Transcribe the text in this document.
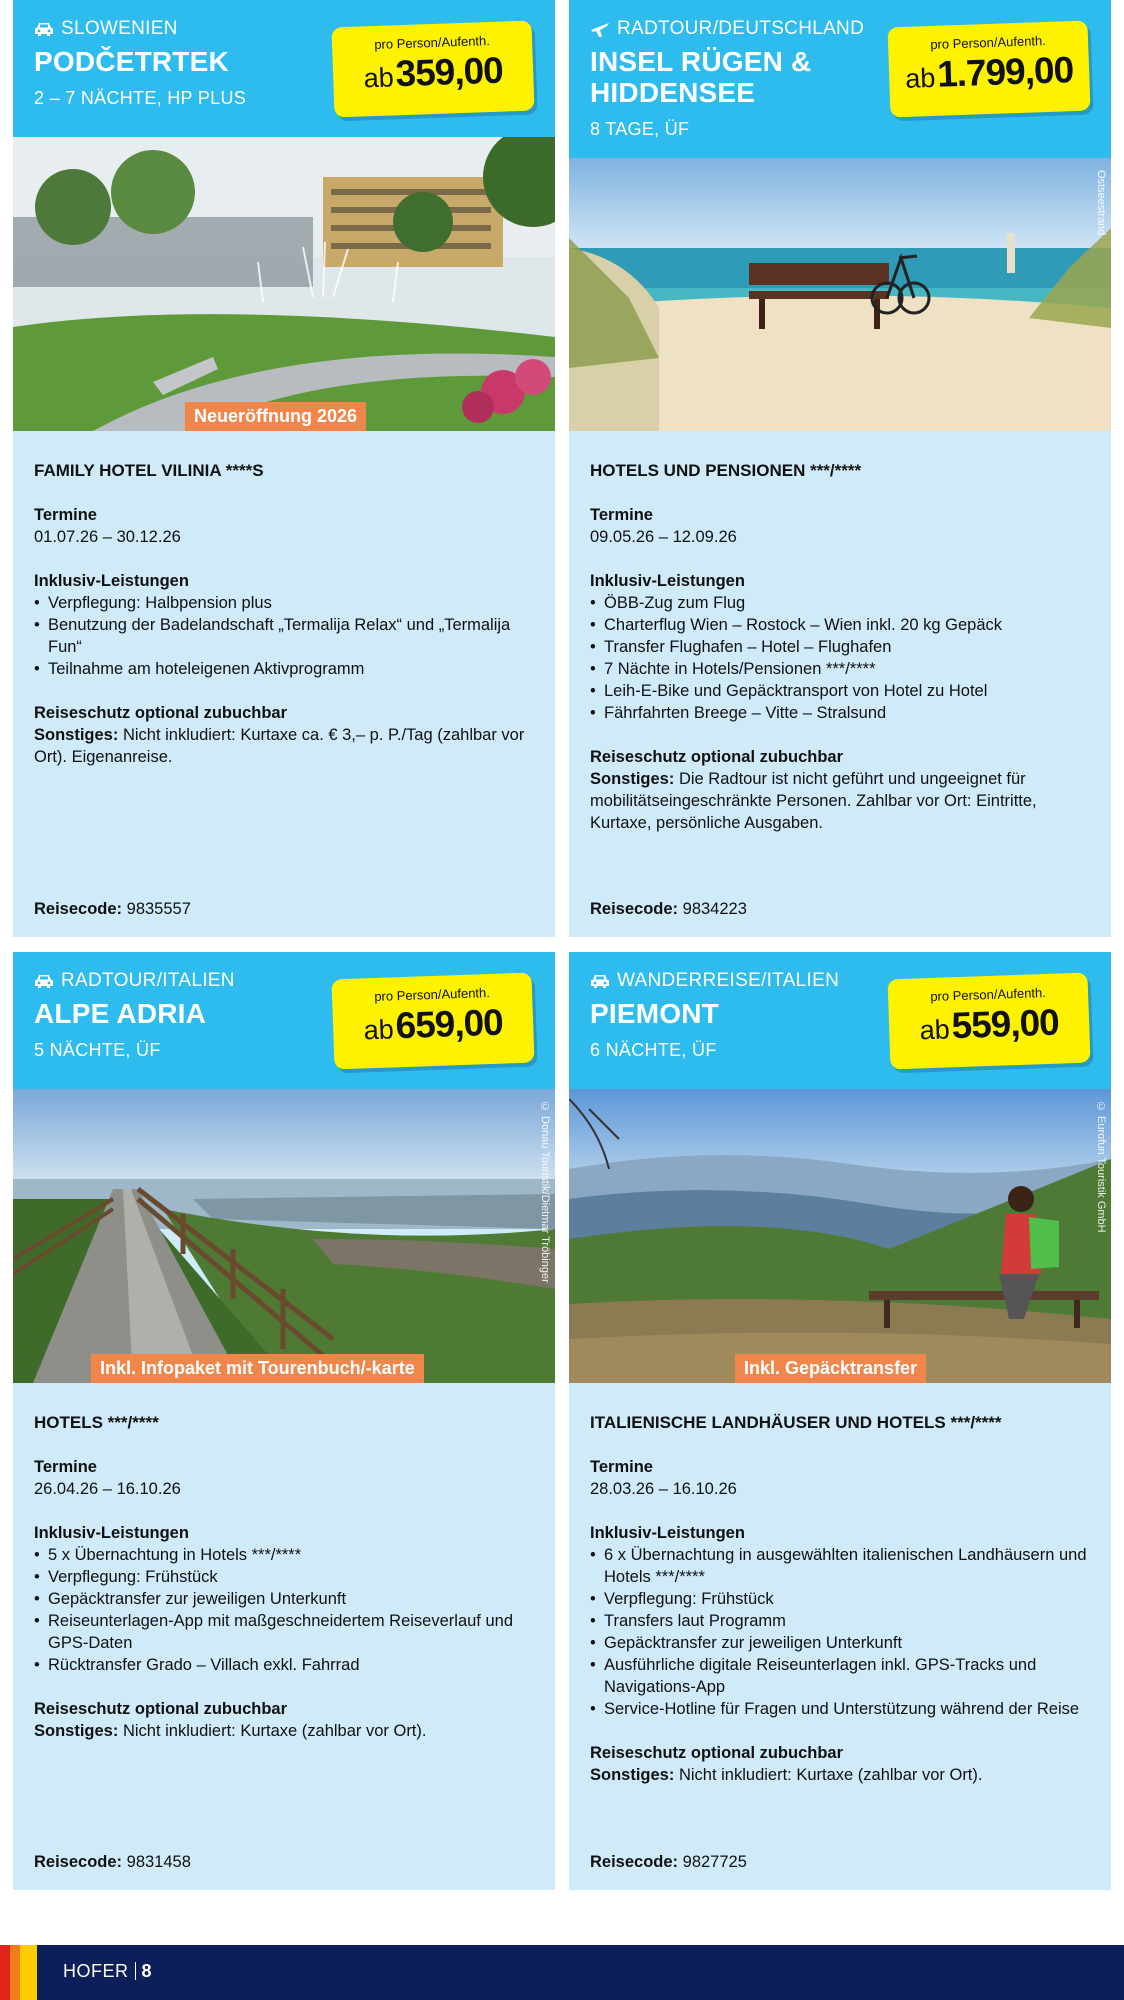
SLOWENIEN
PODČETRTEK
2 – 7 NÄCHTE, HP PLUS
pro Person/Aufenth.
ab 359,00
Neueröffnung 2026
FAMILY HOTEL VILINIA ****S
Termine
01.07.26 – 30.12.26
Inklusiv-Leistungen
• Verpflegung: Halbpension plus
• Benutzung der Badelandschaft „Termalija Relax“ und „Termalija Fun“
• Teilnahme am hoteleigenen Aktivprogramm
Reiseschutz optional zubuchbar
Sonstiges: Nicht inkludiert: Kurtaxe ca. € 3,– p. P./Tag (zahlbar vor Ort). Eigenanreise.
Reisecode: 9835557
RADTOUR/DEUTSCHLAND
INSEL RÜGEN & HIDDENSEE
8 TAGE, ÜF
pro Person/Aufenth.
ab 1.799,00
Ostseestrand
HOTELS UND PENSIONEN ***/****
Termine
09.05.26 – 12.09.26
Inklusiv-Leistungen
• ÖBB-Zug zum Flug
• Charterflug Wien – Rostock – Wien inkl. 20 kg Gepäck
• Transfer Flughafen – Hotel – Flughafen
• 7 Nächte in Hotels/Pensionen ***/****
• Leih-E-Bike und Gepäcktransport von Hotel zu Hotel
• Fährfahrten Breege – Vitte – Stralsund
Reiseschutz optional zubuchbar
Sonstiges: Die Radtour ist nicht geführt und ungeeignet für mobilitätseingeschränkte Personen. Zahlbar vor Ort: Eintritte, Kurtaxe, persönliche Ausgaben.
Reisecode: 9834223
RADTOUR/ITALIEN
ALPE ADRIA
5 NÄCHTE, ÜF
pro Person/Aufenth.
ab 659,00
© Donau Touristik/Dietmar Tröbinger
Inkl. Infopaket mit Tourenbuch/-karte
HOTELS ***/****
Termine
26.04.26 – 16.10.26
Inklusiv-Leistungen
• 5 x Übernachtung in Hotels ***/****
• Verpflegung: Frühstück
• Gepäcktransfer zur jeweiligen Unterkunft
• Reiseunterlagen-App mit maßgeschneidertem Reiseverlauf und GPS-Daten
• Rücktransfer Grado – Villach exkl. Fahrrad
Reiseschutz optional zubuchbar
Sonstiges: Nicht inkludiert: Kurtaxe (zahlbar vor Ort).
Reisecode: 9831458
WANDERREISE/ITALIEN
PIEMONT
6 NÄCHTE, ÜF
pro Person/Aufenth.
ab 559,00
© Eurofun Touristik GmbH
Inkl. Gepäcktransfer
ITALIENISCHE LANDHÄUSER UND HOTELS ***/****
Termine
28.03.26 – 16.10.26
Inklusiv-Leistungen
• 6 x Übernachtung in ausgewählten italienischen Landhäusern und Hotels ***/****
• Verpflegung: Frühstück
• Transfers laut Programm
• Gepäcktransfer zur jeweiligen Unterkunft
• Ausführliche digitale Reiseunterlagen inkl. GPS-Tracks und Navigations-App
• Service-Hotline für Fragen und Unterstützung während der Reise
Reiseschutz optional zubuchbar
Sonstiges: Nicht inkludiert: Kurtaxe (zahlbar vor Ort).
Reisecode: 9827725
HOFER 8
